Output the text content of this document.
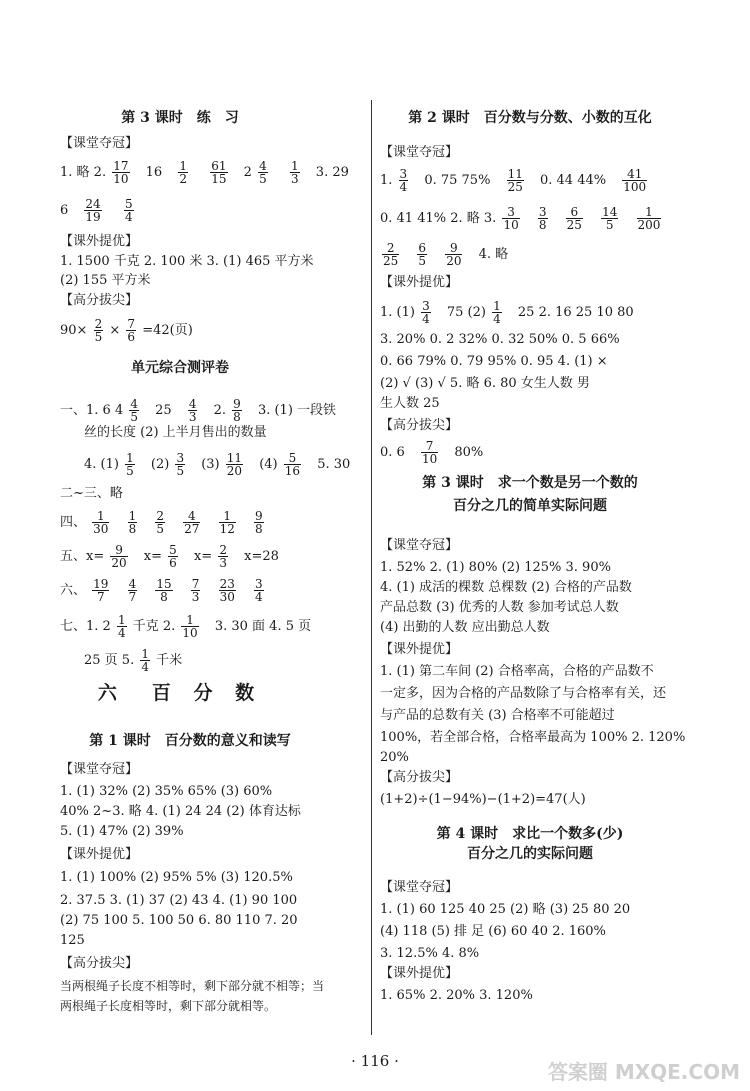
第 3 课时　练　习
【课堂夺冠】
1. 略 2. $\frac{17}{10} 16 \frac{1}{2}$
$\frac{61}{15} 2 \frac{4}{5}$
$\frac{1}{3} 3$. 29
$6 \frac{24}{19}$
$\frac{5}{4}$
【课外提优】
1. 1500 千克 2. 100 米 3. (1) 465 平方米
(2) 155 平方米
【高分拔尖】
$90\times \frac{2}{5} \times \frac{7}{6} =42$(页)
单元综合测评卷
一、1. 6 $4 \frac{4}{5} 25 \frac{4}{3} 2$. $\frac{9}{8} 3$. (1) 一段铁
丝的长度 (2) 上半月售出的数量
4. $(1) \frac{1}{5} (2) \frac{3}{5} (3) \frac{11}{20} (4) \frac{5}{16} 5$. 30
二~三、略
四、 $\frac{1}{30}$
$\frac{1}{8}$
$\frac{2}{5}$
$\frac{4}{27}$
$\frac{1}{12}$
$\frac{9}{8}$
五、$x= \frac{9}{20} x= \frac{5}{6} x= \frac{2}{3} x=28$
六、 $\frac{19}{7}$
$\frac{4}{7}$
$\frac{15}{8}$
$\frac{7}{3}$
$\frac{23}{30}$
$\frac{3}{4}$
七、1. $2 \frac{1}{4}$ 千克 2. $\frac{1}{10} 3$. 30 面 4. 5 页
25 页 5. $\frac{1}{4}$ 千米
六　百 分 数
第 1 课时　百分数的意义和读写
【课堂夺冠】
1. (1) 32% (2) 35% 65% (3) 60%
40% 2~3. 略 4. (1) 24 24 (2) 体育达标
5. (1) 47% (2) 39%
【课外提优】
1. (1) 100% (2) 95% 5% (3) 120.5%
2. 37.5 3. (1) 37 (2) 43 4. (1) 90 100
(2) 75 100 5. 100 50 6. 80 110 7. 20
125
【高分拔尖】
当两根绳子长度不相等时，剩下部分就不相等；当
两根绳子长度相等时，剩下部分就相等。
第 2 课时　百分数与分数、小数的互化
【课堂夺冠】
1. $\frac{3}{4} 0$. 75 $75\% \frac{11}{25} 0$. 44 $44\% \frac{41}{100}$
0. 41 41% 2. 略 3. $\frac{3}{10}$
$\frac{3}{8}$
$\frac{6}{25}$
$\frac{14}{5}$
$\frac{1}{200}$
$\frac{2}{25}$
$\frac{6}{5}$
$\frac{9}{20} 4$. 略
【课外提优】
1. $(1) \frac{3}{4} 75$ $(2) \frac{1}{4} 25$ 2. 16 25 10 80
3. 20% 0. 2 32% 0. 32 50% 0. 5 66%
0. 66 79% 0. 79 95% 0. 95 4. (1) ×
(2) √ (3) √ 5. 略 6. 80 女生人数 男
生人数 25
【高分拔尖】
0. $6 \frac{7}{10} 80\%$
第 3 课时　求一个数是另一个数的
百分之几的简单实际问题
【课堂夺冠】
1. 52% 2. (1) 80% (2) 125% 3. 90%
4. (1) 成活的棵数 总棵数 (2) 合格的产品数
产品总数 (3) 优秀的人数 参加考试总人数
(4) 出勤的人数 应出勤总人数
【课外提优】
1. (1) 第二车间 (2) 合格率高，合格的产品数不
一定多，因为合格的产品数除了与合格率有关，还
与产品的总数有关 (3) 合格率不可能超过
100%，若全部合格，合格率最高为 100% 2. 120%
20%
【高分拔尖】
(1+2)÷(1−94%)−(1+2)=47(人)
第 4 课时　求比一个数多(少)
百分之几的实际问题
【课堂夺冠】
1. (1) 60 125 40 25 (2) 略 (3) 25 80 20
(4) 118 (5) 排 足 (6) 60 40 2. 160%
3. 12.5% 4. 8%
【课外提优】
1. 65% 2. 20% 3. 120%
· 116 ·	答案圈 MXQE.COM
